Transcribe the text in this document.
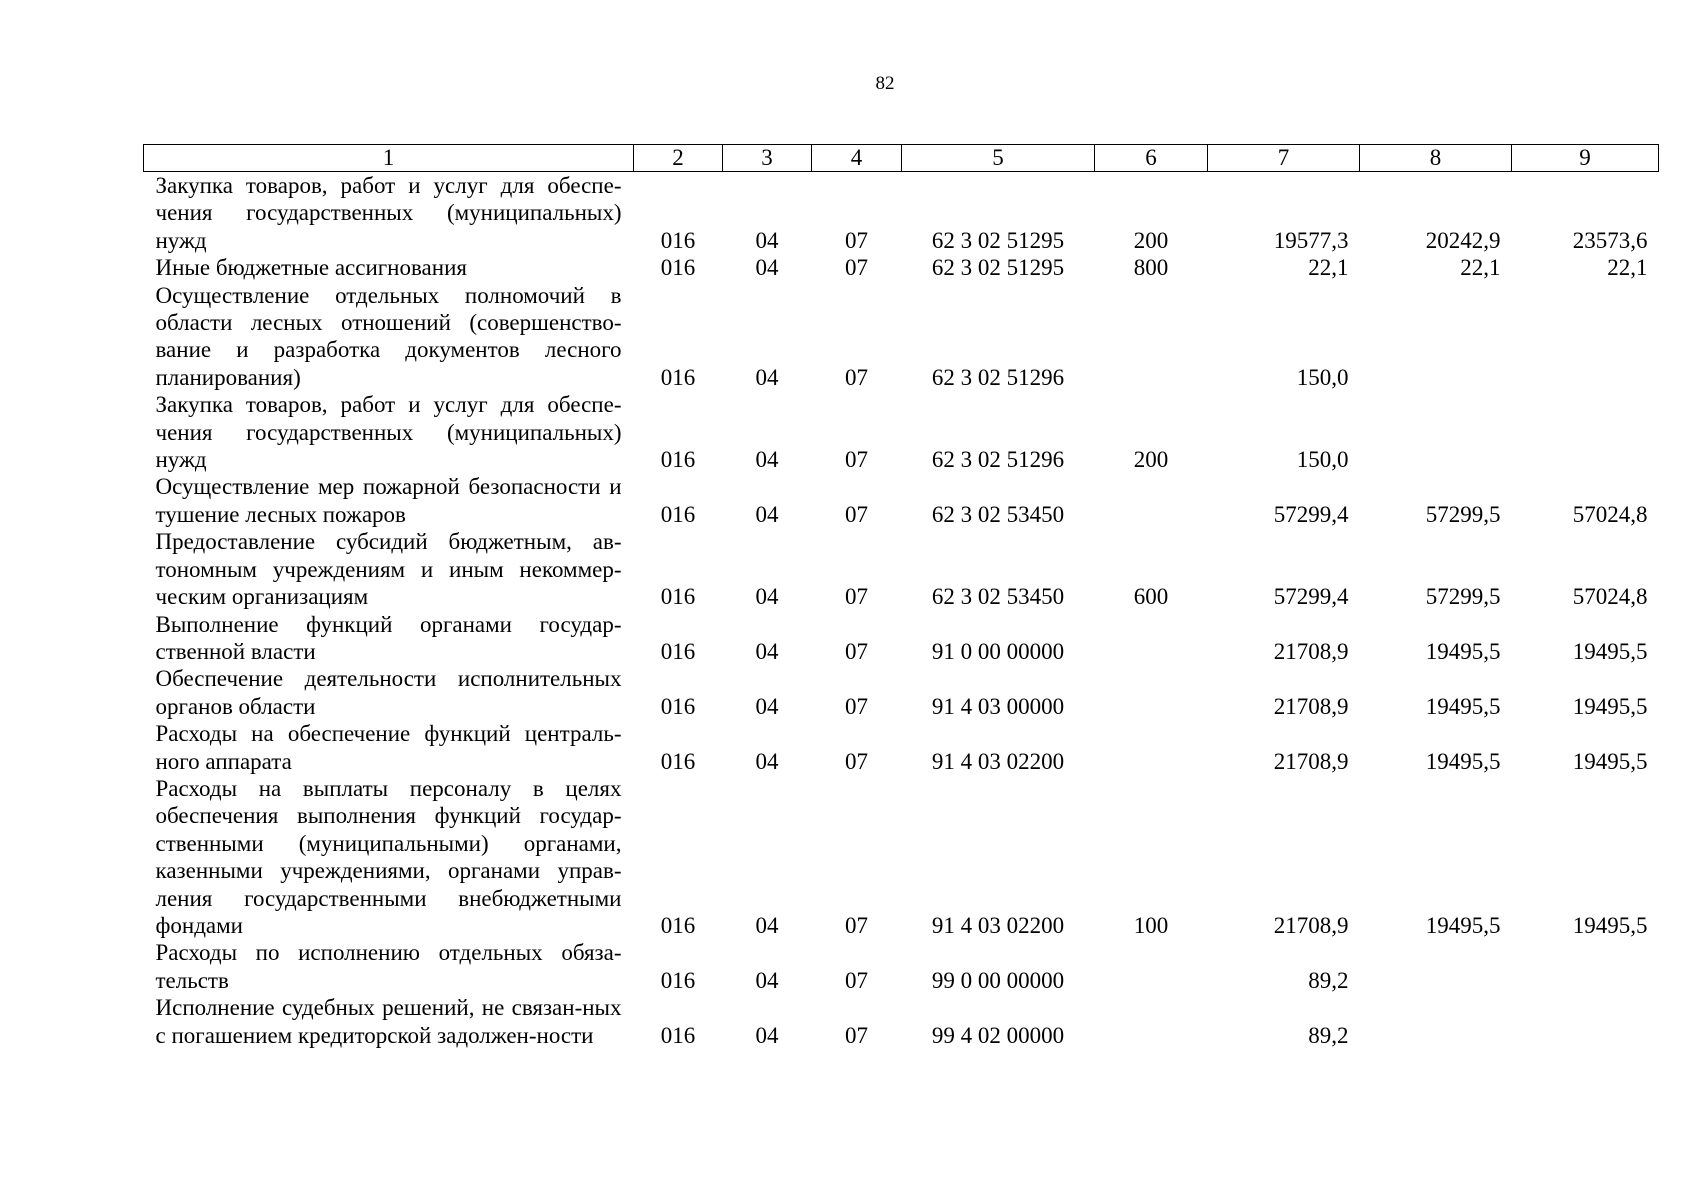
82
1	2	3	4	5	6	7	8	9
Закупка товаров, работ и услуг для обеспе-чения государственных (муниципальных) нужд	016	04	07	62 3 02 51295	200	19577,3	20242,9	23573,6
Иные бюджетные ассигнования	016	04	07	62 3 02 51295	800	22,1	22,1	22,1
Осуществление отдельных полномочий в области лесных отношений (совершенство-вание и разработка документов лесного планирования)	016	04	07	62 3 02 51296		150,0		
Закупка товаров, работ и услуг для обеспе-чения государственных (муниципальных) нужд	016	04	07	62 3 02 51296	200	150,0		
Осуществление мер пожарной безопасности и тушение лесных пожаров	016	04	07	62 3 02 53450		57299,4	57299,5	57024,8
Предоставление субсидий бюджетным, ав-тономным учреждениям и иным некоммер-ческим организациям	016	04	07	62 3 02 53450	600	57299,4	57299,5	57024,8
Выполнение функций органами государ-ственной власти	016	04	07	91 0 00 00000		21708,9	19495,5	19495,5
Обеспечение деятельности исполнительных органов области	016	04	07	91 4 03 00000		21708,9	19495,5	19495,5
Расходы на обеспечение функций централь-ного аппарата	016	04	07	91 4 03 02200		21708,9	19495,5	19495,5
Расходы на выплаты персоналу в целях обеспечения выполнения функций государ-ственными (муниципальными) органами, казенными учреждениями, органами управ-ления государственными внебюджетными фондами	016	04	07	91 4 03 02200	100	21708,9	19495,5	19495,5
Расходы по исполнению отдельных обяза-тельств	016	04	07	99 0 00 00000		89,2		
Исполнение судебных решений, не связан-ных с погашением кредиторской задолжен-ности	016	04	07	99 4 02 00000		89,2		
